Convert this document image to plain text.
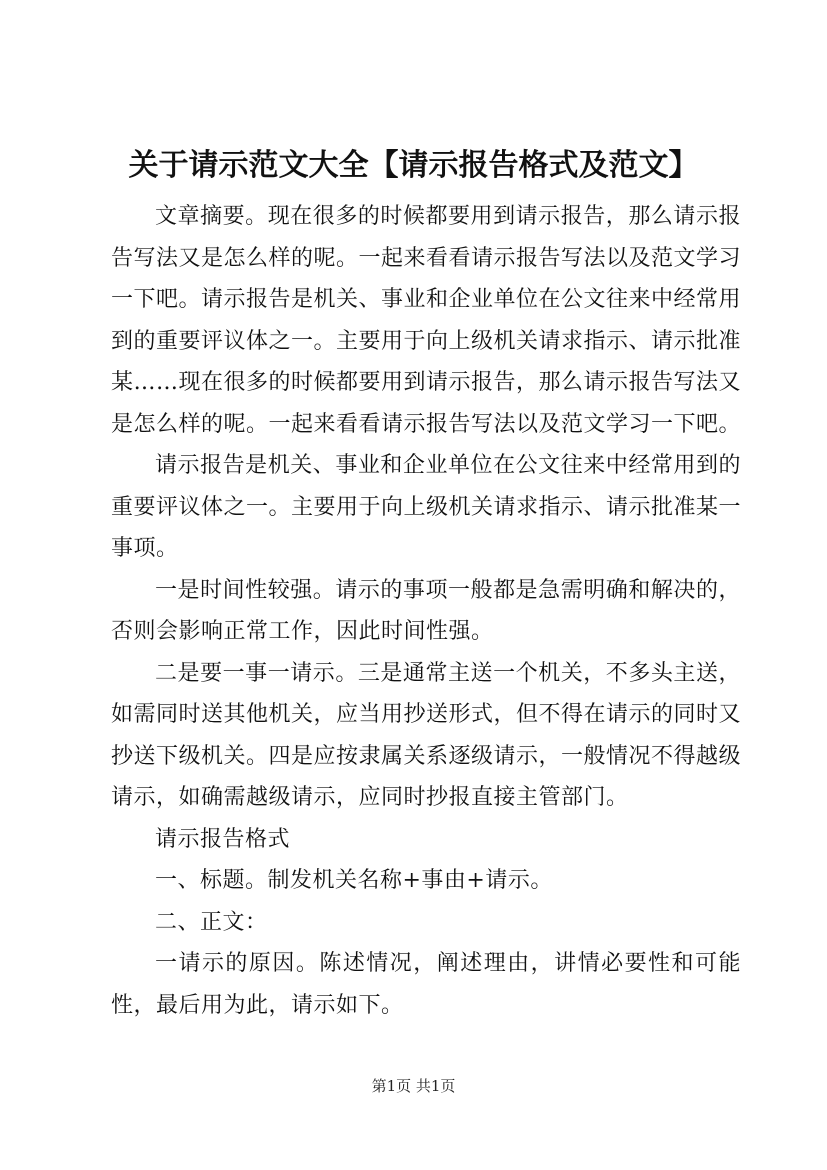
关于请示范文大全【请示报告格式及范文】

文章摘要。现在很多的时候都要用到请示报告，那么请示报告写法又是怎么样的呢。一起来看看请示报告写法以及范文学习一下吧。请示报告是机关、事业和企业单位在公文往来中经常用到的重要评议体之一。主要用于向上级机关请求指示、请示批准某……现在很多的时候都要用到请示报告，那么请示报告写法又是怎么样的呢。一起来看看请示报告写法以及范文学习一下吧。

请示报告是机关、事业和企业单位在公文往来中经常用到的重要评议体之一。主要用于向上级机关请求指示、请示批准某一事项。

一是时间性较强。请示的事项一般都是急需明确和解决的，否则会影响正常工作，因此时间性强。

二是要一事一请示。三是通常主送一个机关，不多头主送，如需同时送其他机关，应当用抄送形式，但不得在请示的同时又抄送下级机关。四是应按隶属关系逐级请示，一般情况不得越级请示，如确需越级请示，应同时抄报直接主管部门。

请示报告格式

一、标题。制发机关名称+事由+请示。

二、正文：

一请示的原因。陈述情况，阐述理由，讲情必要性和可能性，最后用为此，请示如下。

第1页 共1页
